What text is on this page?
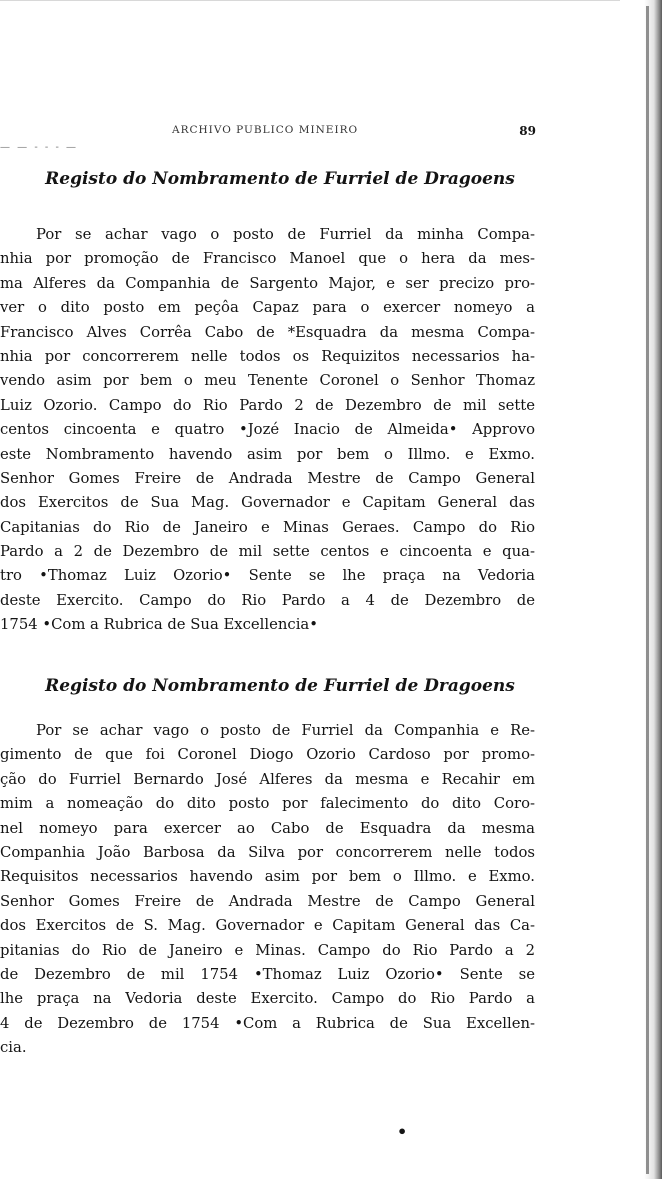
ARCHIVO PUBLICO MINEIRO	89
— — - - - —
Registo do Nombramento de Furriel de Dragoens
Por se achar vago o posto de Furriel da minha Compa-
nhia por promoção de Francisco Manoel que o hera da mes-
ma Alferes da Companhia de Sargento Major, e ser precizo pro-
ver o dito posto em peçôa Capaz para o exercer nomeyo a
Francisco Alves Corrêa Cabo de *Esquadra da mesma Compa-
nhia por concorrerem nelle todos os Requizitos necessarios ha-
vendo asim por bem o meu Tenente Coronel o Senhor Thomaz
Luiz Ozorio. Campo do Rio Pardo 2 de Dezembro de mil sette
centos cincoenta e quatro •Jozé Inacio de Almeida• Approvo
este Nombramento havendo asim por bem o Illmo. e Exmo.
Senhor Gomes Freire de Andrada Mestre de Campo General
dos Exercitos de Sua Mag. Governador e Capitam General das
Capitanias do Rio de Janeiro e Minas Geraes. Campo do Rio
Pardo a 2 de Dezembro de mil sette centos e cincoenta e qua-
tro •Thomaz Luiz Ozorio• Sente se lhe praça na Vedoria
deste Exercito. Campo do Rio Pardo a 4 de Dezembro de
1754 •Com a Rubrica de Sua Excellencia•
Registo do Nombramento de Furriel de Dragoens
Por se achar vago o posto de Furriel da Companhia e Re-
gimento de que foi Coronel Diogo Ozorio Cardoso por promo-
ção do Furriel Bernardo José Alferes da mesma e Recahir em
mim a nomeação do dito posto por falecimento do dito Coro-
nel nomeyo para exercer ao Cabo de Esquadra da mesma
Companhia João Barbosa da Silva por concorrerem nelle todos
Requisitos necessarios havendo asim por bem o Illmo. e Exmo.
Senhor Gomes Freire de Andrada Mestre de Campo General
dos Exercitos de S. Mag. Governador e Capitam General das Ca-
pitanias do Rio de Janeiro e Minas. Campo do Rio Pardo a 2
de Dezembro de mil 1754 •Thomaz Luiz Ozorio• Sente se
lhe praça na Vedoria deste Exercito. Campo do Rio Pardo a
4 de Dezembro de 1754 •Com a Rubrica de Sua Excellen-
cia.
•
